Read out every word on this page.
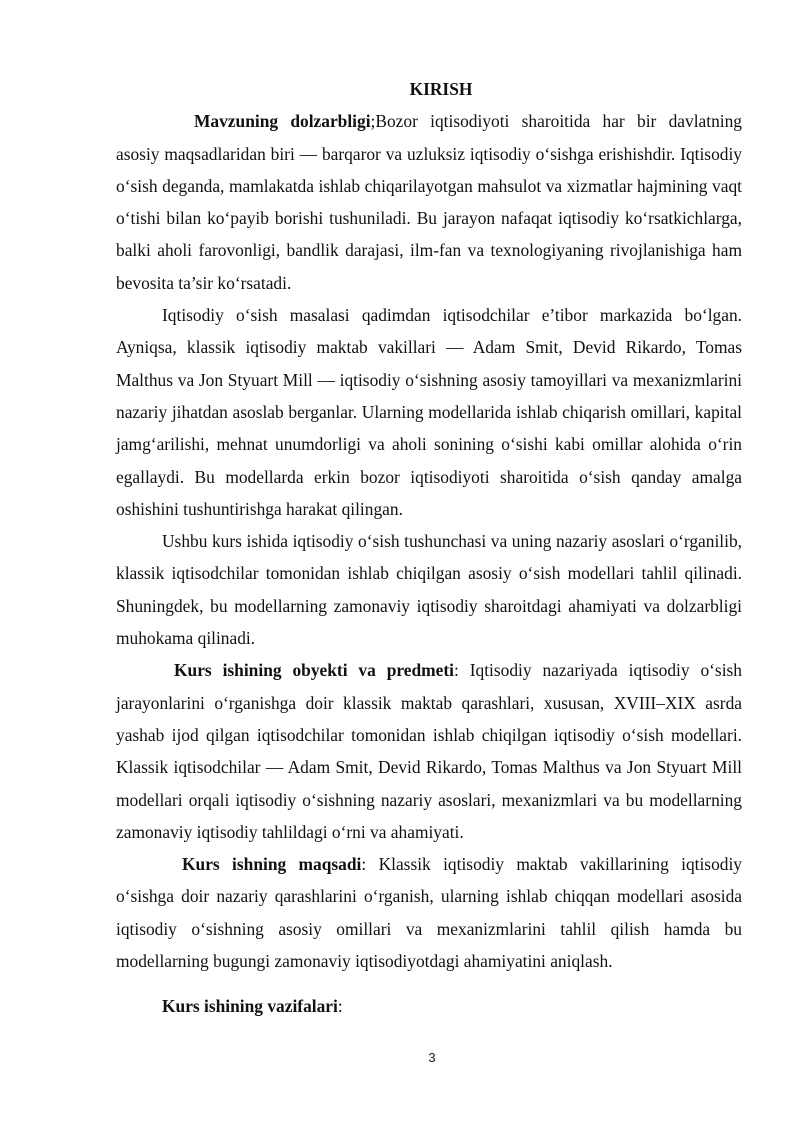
KIRISH

Mavzuning dolzarbligi;Bozor iqtisodiyoti sharoitida har bir davlatning asosiy maqsadlaridan biri — barqaror va uzluksiz iqtisodiy o‘sishga erishishdir. Iqtisodiy o‘sish deganda, mamlakatda ishlab chiqarilayotgan mahsulot va xizmatlar hajmining vaqt o‘tishi bilan ko‘payib borishi tushuniladi. Bu jarayon nafaqat iqtisodiy ko‘rsatkichlarga, balki aholi farovonligi, bandlik darajasi, ilm-fan va texnologiyaning rivojlanishiga ham bevosita ta’sir ko‘rsatadi.

Iqtisodiy o‘sish masalasi qadimdan iqtisodchilar e’tibor markazida bo‘lgan. Ayniqsa, klassik iqtisodiy maktab vakillari — Adam Smit, Devid Rikardo, Tomas Malthus va Jon Styuart Mill — iqtisodiy o‘sishning asosiy tamoyillari va mexanizmlarini nazariy jihatdan asoslab berganlar. Ularning modellarida ishlab chiqarish omillari, kapital jamg‘arilishi, mehnat unumdorligi va aholi sonining o‘sishi kabi omillar alohida o‘rin egallaydi. Bu modellarda erkin bozor iqtisodiyoti sharoitida o‘sish qanday amalga oshishini tushuntirishga harakat qilingan.

Ushbu kurs ishida iqtisodiy o‘sish tushunchasi va uning nazariy asoslari o‘rganilib, klassik iqtisodchilar tomonidan ishlab chiqilgan asosiy o‘sish modellari tahlil qilinadi. Shuningdek, bu modellarning zamonaviy iqtisodiy sharoitdagi ahamiyati va dolzarbligi muhokama qilinadi.

Kurs ishining obyekti va predmeti: Iqtisodiy nazariyada iqtisodiy o‘sish jarayonlarini o‘rganishga doir klassik maktab qarashlari, xususan, XVIII–XIX asrda yashab ijod qilgan iqtisodchilar tomonidan ishlab chiqilgan iqtisodiy o‘sish modellari. Klassik iqtisodchilar — Adam Smit, Devid Rikardo, Tomas Malthus va Jon Styuart Mill modellari orqali iqtisodiy o‘sishning nazariy asoslari, mexanizmlari va bu modellarning zamonaviy iqtisodiy tahlildagi o‘rni va ahamiyati.

Kurs ishning maqsadi: Klassik iqtisodiy maktab vakillarining iqtisodiy o‘sishga doir nazariy qarashlarini o‘rganish, ularning ishlab chiqqan modellari asosida iqtisodiy o‘sishning asosiy omillari va mexanizmlarini tahlil qilish hamda bu modellarning bugungi zamonaviy iqtisodiyotdagi ahamiyatini aniqlash.

Kurs ishining vazifalari:

3
